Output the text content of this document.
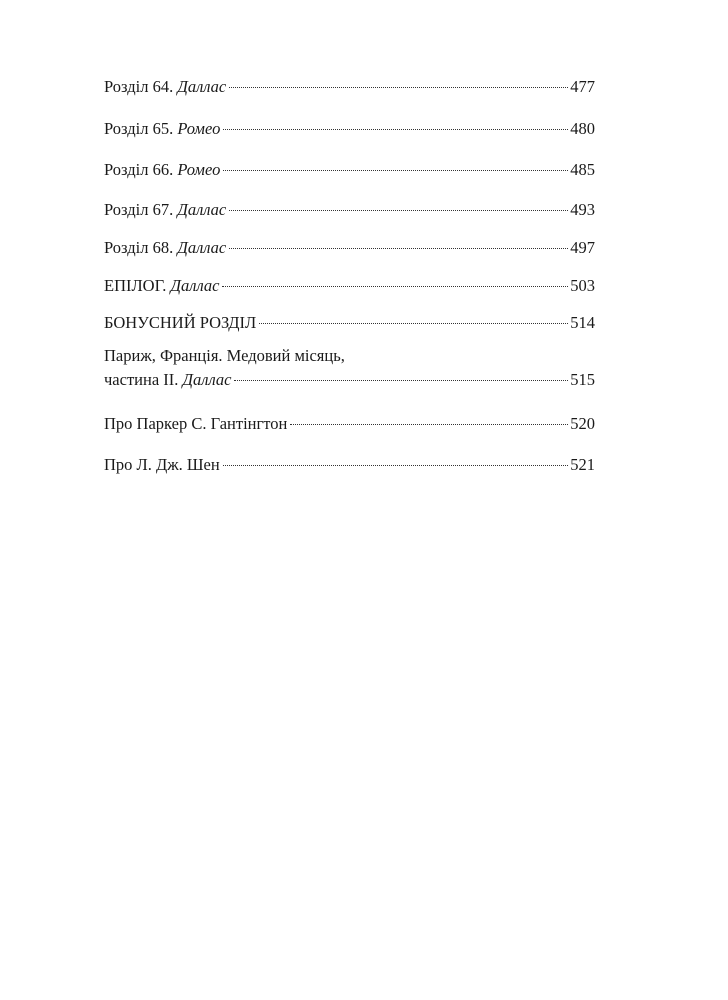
Розділ 64. Даллас	477
Розділ 65. Ромео	480
Розділ 66. Ромео	485
Розділ 67. Даллас	493
Розділ 68. Даллас	497
ЕПІЛОГ. Даллас	503
БОНУСНИЙ РОЗДІЛ	514
Париж, Франція. Медовий місяць,
частина II. Даллас	515
Про Паркер С. Гантінгтон	520
Про Л. Дж. Шен	521
